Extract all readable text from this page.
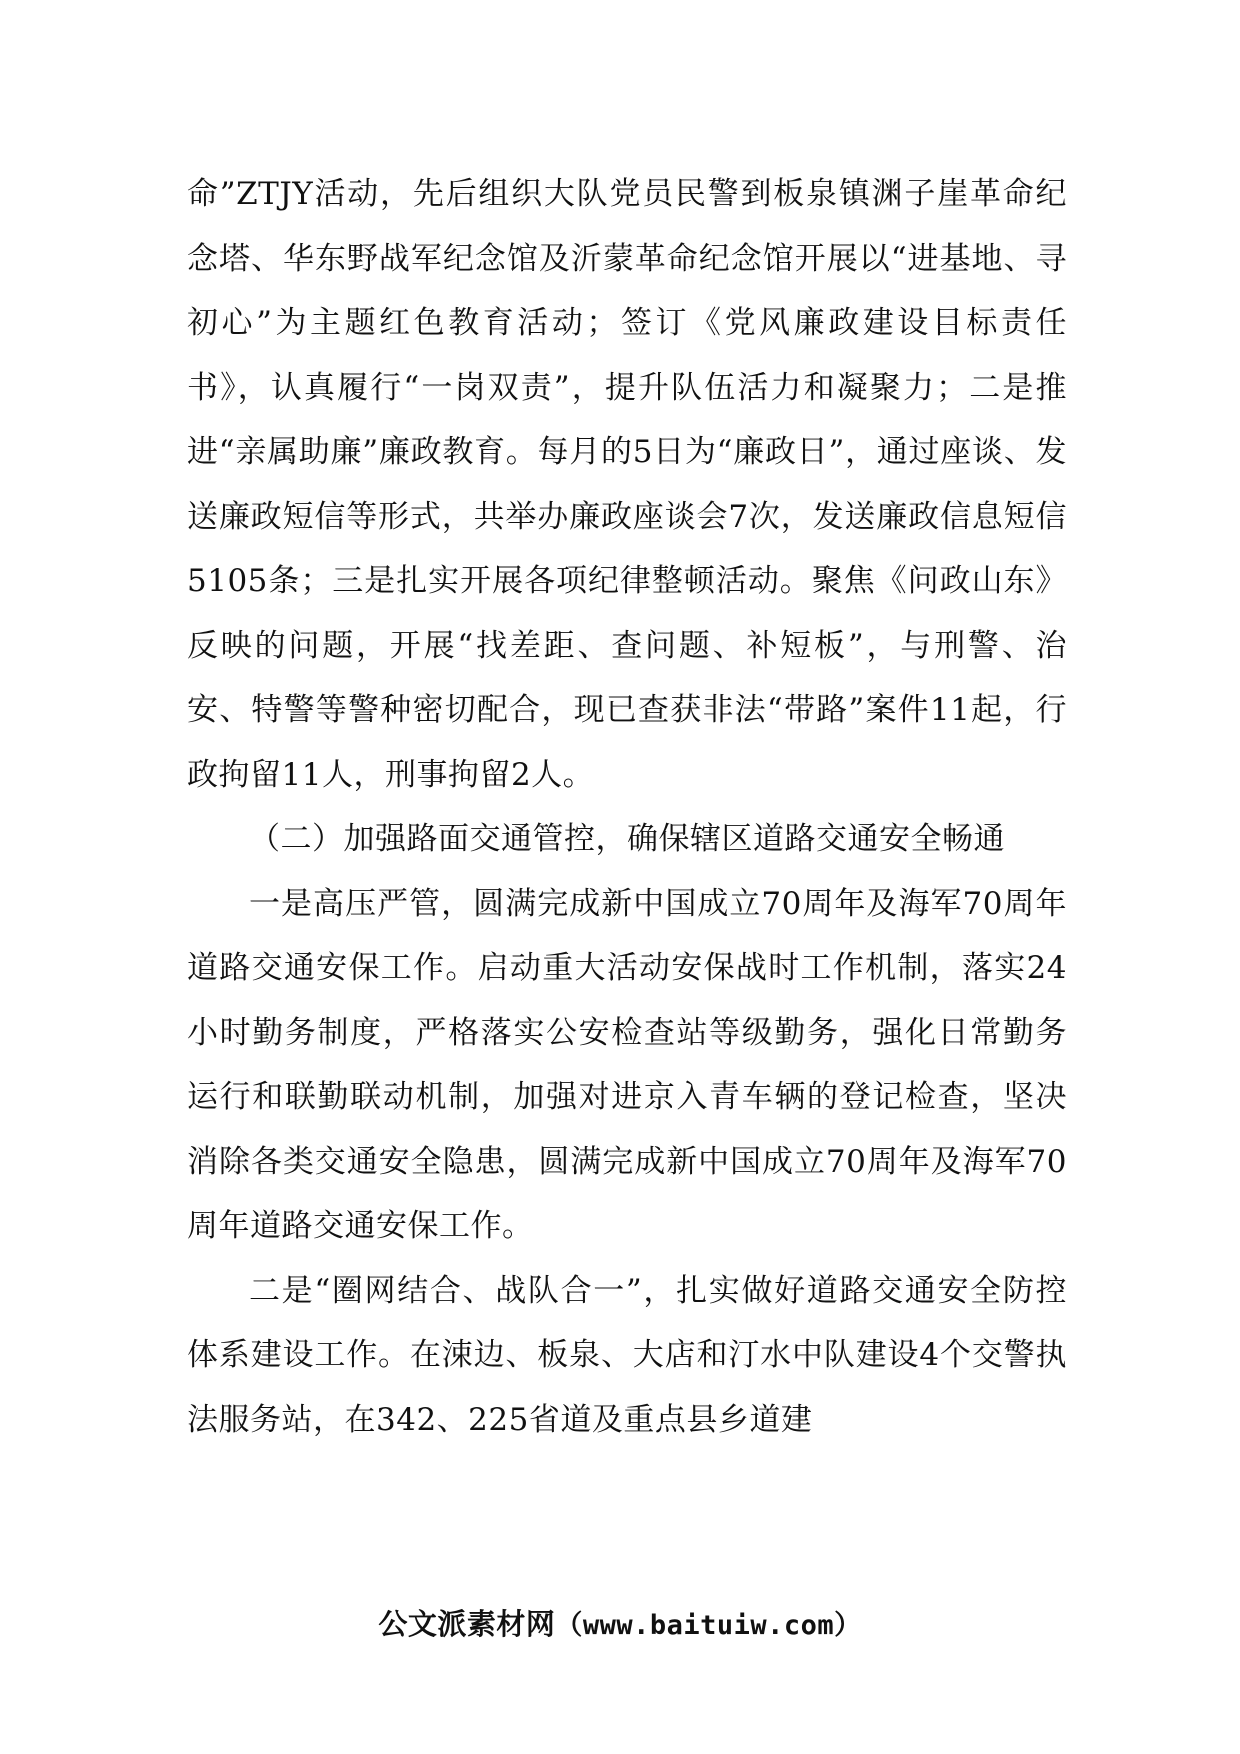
命”ZTJY活动，先后组织大队党员民警到板泉镇渊子崖革命纪念塔、华东野战军纪念馆及沂蒙革命纪念馆开展以“进基地、寻初心”为主题红色教育活动；签订《党风廉政建设目标责任书》，认真履行“一岗双责”，提升队伍活力和凝聚力；二是推进“亲属助廉”廉政教育。每月的5日为“廉政日”，通过座谈、发送廉政短信等形式，共举办廉政座谈会7次，发送廉政信息短信5105条；三是扎实开展各项纪律整顿活动。聚焦《问政山东》反映的问题，开展“找差距、查问题、补短板”，与刑警、治安、特警等警种密切配合，现已查获非法“带路”案件11起，行政拘留11人，刑事拘留2人。

（二）加强路面交通管控，确保辖区道路交通安全畅通

一是高压严管，圆满完成新中国成立70周年及海军70周年道路交通安保工作。启动重大活动安保战时工作机制，落实24小时勤务制度，严格落实公安检查站等级勤务，强化日常勤务运行和联勤联动机制，加强对进京入青车辆的登记检查，坚决消除各类交通安全隐患，圆满完成新中国成立70周年及海军70周年道路交通安保工作。

二是“圈网结合、战队合一”，扎实做好道路交通安全防控体系建设工作。在涑边、板泉、大店和汀水中队建设4个交警执法服务站，在342、225省道及重点县乡道建

公文派素材网（www.baituiw.com）
